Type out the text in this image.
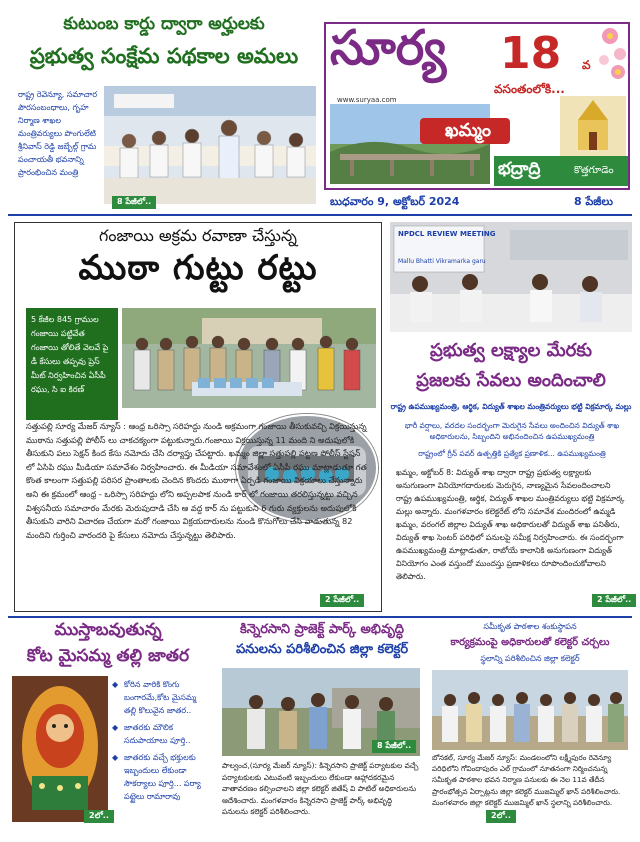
కుటుంబ కార్డు ద్వారా అర్హులకు
ప్రభుత్వ సంక్షేమ పథకాల అమలు
రాష్ట్ర రెవెన్యూ, సమాచార పౌరసంబంధాలు, గృహ నిర్మాణ శాఖల మంత్రివర్యులు పొంగులేటి శ్రీనివాస్ రెడ్డి జబ్బేల్గ్ గ్రామ పంచాయతీ భవనాన్ని ప్రారంభించిన మంత్రి
8 పేజీలో..
సూర్య
www.suryaa.com
18 వ
వసంతంలోకి...
ఖమ్మం
భద్రాద్రి	కొత్తగూడెం
బుధవారం 9, అక్టోబర్ 2024	8 పేజీలు
గంజాయి అక్రమ రవాణా చేస్తున్న
ముఠా గుట్టు రట్టు
5 కేజీల 845 గ్రాముల గంజాయి పట్టివేత గంజాయి తోలితే వెలవే పై డీ కేసులు తప్పవు ప్రెస్ మీట్ నిర్వహించిన ఏసీపీ రఘు, సి ఐ కిరణ్
సత్తుపల్లి సూర్య మేజర్ న్యూస్ : ఆంధ్ర ఒరిస్సా సరిహద్దు నుండి అక్రమంగా గంజాయి తీసుకువచ్చి విక్రయిస్తున్న ముఠాను సత్తుపల్లి పోలీస్ లు చాకచక్యంగా పట్టుకున్నారు.గంజాయి విక్రయిస్తున్న 11 మంది ని అదుపులోకి తీసుకుని పలు సెక్షన్ కింద కేసు నమోదు చేసి దర్యాప్తు చేపట్టారు. ఖమ్మం జిల్లా సత్తుపల్లి పట్టణ పోలీస్ స్టేషన్ లో ఏసిపి రఘు మీడియా సమావేశం నిర్వహించారు. ఈ మీడియా సమావేశంలో ఏసీపీ రఘు మాట్లాడుతూ గత కొంత కాలంగా సత్తుపల్లి పరిసర ప్రాంతాలకు చెందిన కొందరు ముఠాగా ఏర్పడి గంజాయి విక్రయాలు చేస్తున్నారు అని ఈ క్రమంలో ఆంధ్ర - ఒరిస్సా సరిహద్దు లోని అప్పలపాక నుండి కార్ లో గంజాయి తరలిస్తున్నట్టు వచ్చిన విశ్వసనీయ సమాచారం మేరకు మెరుపుదాడి చేసి ఆ వద్ద కార్ ను పట్టుకుని 6 గురు వ్యక్తులను అదుపులోకి తీసుకుని వారిని విచారణ చేయగా మరో గంజాయి విక్రయదారులను నుండి కొనుగోలు చేసి వాడుతున్న 82 మందిని గుర్తించి వారందరి పై కేసులు నమోదు చేస్తున్నట్టు తెలిపారు.
2 పేజీలో..
NPDCL REVIEW MEETING
Mallu Bhatti Vikramarka garu
ప్రభుత్వ లక్ష్యాల మేరకు
ప్రజలకు సేవలు అందించాలి
రాష్ట్ర ఉపముఖ్యమంత్రి, ఆర్థిక, విద్యుత్ శాఖల మంత్రివర్యులు భట్టి విక్రమార్క మల్లు
భారీ వర్షాలు, వరదల సందర్భంగా మెరుగైన సేవలు అందించిన విద్యుత్ శాఖ అధికారులను, సిబ్బందిని అభినందించిన ఉపముఖ్యమంత్రి
రాష్ట్రంలో గ్రీన్ పవర్ ఉత్పత్తికి ప్రత్యేక ప్రణాళిక... ఉపముఖ్యమంత్రి
ఖమ్మం, అక్టోబర్ 8: విద్యుత్ శాఖ ద్వారా రాష్ట్ర ప్రభుత్వ లక్ష్యాలకు అనుగుణంగా వినియోగదారులకు మెరుగైన, నాణ్యమైన సేవలందించాలని రాష్ట్ర ఉపముఖ్యమంత్రి, ఆర్థిక, విద్యుత్ శాఖల మంత్రివర్యులు భట్టి విక్రమార్క మల్లు అన్నారు. మంగళవారం కలెక్టరేట్ లోని సమావేశ మందిరంలో ఉమ్మడి ఖమ్మం, వరంగల్ జిల్లాల విద్యుత్ శాఖ అధికారులతో విద్యుత్ శాఖ పనితీరు, విద్యుత్ శాఖ సెంటర్ పరిధిలో పనులపై సమీక్ష నిర్వహించారు. ఈ సందర్భంగా ఉపముఖ్యమంత్రి మాట్లాడుతూ, రాబోయే కాలానికి అనుగుణంగా విద్యుత్ వినియోగం ఎంత వస్తుందో ముందస్తు ప్రణాళికలు రూపొందించుకోవాలని తెలిపారు.
2 పేజీలో..
ముస్తాబవుతున్న
కోట మైసమ్మ తల్లి జాతర
2లో..
◆ కోరిన వారికి కొంగు బంగారమే,కోట మైసమ్మ తల్లి కొలువైన జాతర..
◆ జాతరకు మౌలిక సదుపాయాలు పూర్తి..
◆ జాతరకు వచ్చే భక్తులకు ఇబ్బందులు లేకుండా సౌకర్యాలు పూర్తి... పర్యా పట్టైలు రామారావు
కిన్నెరసాని ప్రాజెక్ట్ పార్క్ అభివృద్ధి
పనులను పరిశీలించిన జిల్లా కలెక్టర్
8 పేజీలో..
పాల్వంచ,(సూర్య మేజర్ న్యూస్): కిన్నెరసాని ప్రాజెక్ట్ పర్యాటకుల వచ్చే పర్యాటకులకు ఎటువంటి ఇబ్బందులు లేకుండా ఆహ్లాదకరమైన వాతావరణం కల్పించాలని జిల్లా కలెక్టర్ జితేష్ వి పాటిల్ అధికారులను ఆదేశించారు. మంగళవారం కిన్నెరసాని ప్రాజెక్ట్ పార్క్ అభివృద్ధి పనులను కలెక్టర్ పరిశీలించారు.
సమీకృత పాఠశాల శంకుస్థాపన
కార్యక్రమంపై అధికారులతో కలెక్టర్ చర్చలు
స్థలాన్ని పరిశీలించిన జిల్లా కలెక్టర్
బోనకల్, సూర్య మేజర్ న్యూస్: మండలంలోని లక్ష్మీపురం రెవెన్యూ పరిధిలోని గోవిందాపురం ఎల్ గ్రామంలో నూతనంగా నిర్మించనున్న సమీకృత పాఠశాల భవన నిర్మాణ పనులకు ఈ నెల 11వ తేదీన ప్రారంభోత్సవ ఏర్పాట్లను జిల్లా కలెక్టర్ ముజమ్మిల్ ఖాన్ పరిశీలించారు. మంగళవారం జిల్లా కలెక్టర్ ముజమ్మిల్ ఖాన్ స్థలాన్ని పరిశీలించారు.
2లో..
